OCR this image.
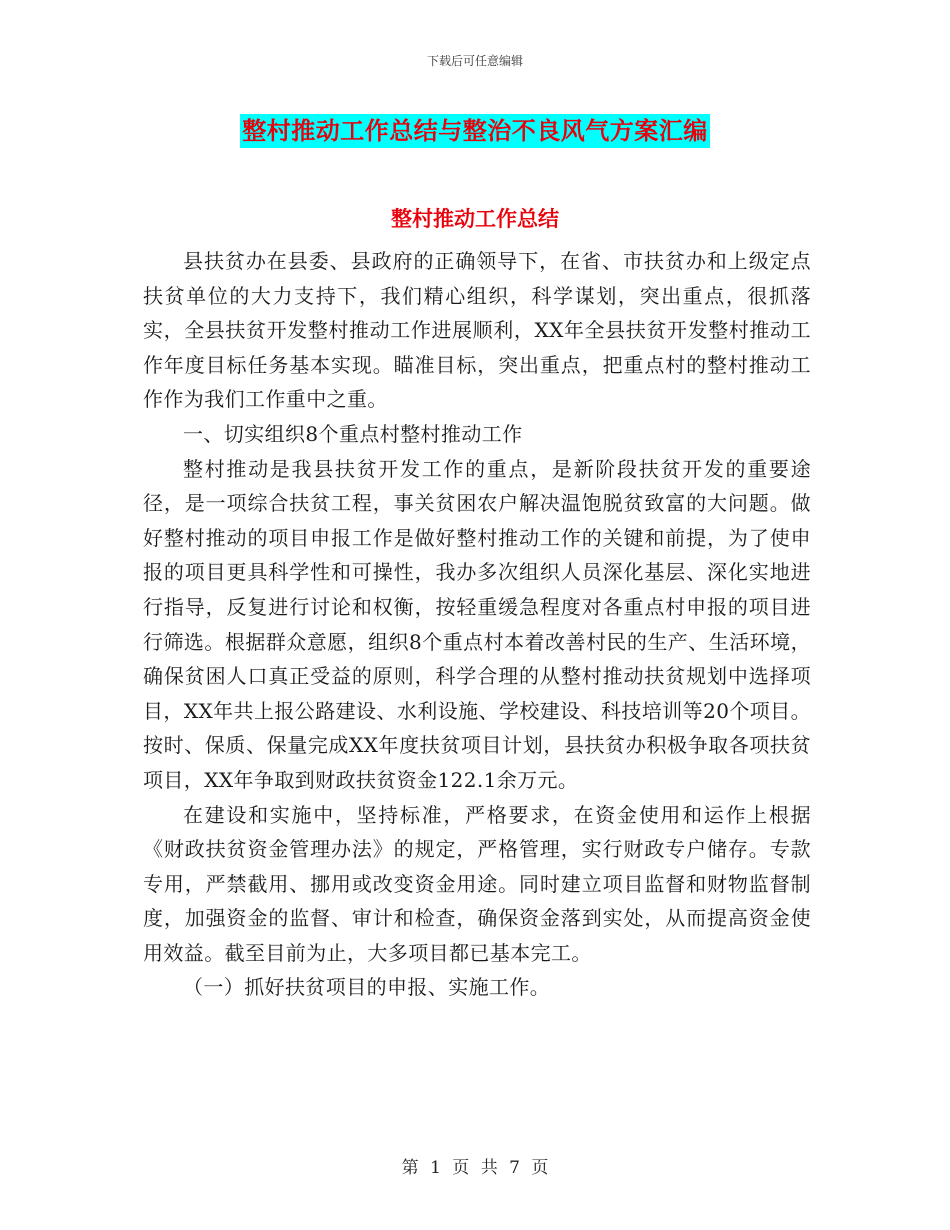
下载后可任意编辑
整村推动工作总结与整治不良风气方案汇编
整村推动工作总结

县扶贫办在县委、县政府的正确领导下，在省、市扶贫办和上级定点扶贫单位的大力支持下，我们精心组织，科学谋划，突出重点，很抓落实，全县扶贫开发整村推动工作进展顺利，XX年全县扶贫开发整村推动工作年度目标任务基本实现。瞄准目标，突出重点，把重点村的整村推动工作作为我们工作重中之重。

一、切实组织8个重点村整村推动工作

整村推动是我县扶贫开发工作的重点，是新阶段扶贫开发的重要途径，是一项综合扶贫工程，事关贫困农户解决温饱脱贫致富的大问题。做好整村推动的项目申报工作是做好整村推动工作的关键和前提，为了使申报的项目更具科学性和可操性，我办多次组织人员深化基层、深化实地进行指导，反复进行讨论和权衡，按轻重缓急程度对各重点村申报的项目进行筛选。根据群众意愿，组织8个重点村本着改善村民的生产、生活环境，确保贫困人口真正受益的原则，科学合理的从整村推动扶贫规划中选择项目，XX年共上报公路建设、水利设施、学校建设、科技培训等20个项目。按时、保质、保量完成XX年度扶贫项目计划，县扶贫办积极争取各项扶贫项目，XX年争取到财政扶贫资金122.1余万元。

在建设和实施中，坚持标准，严格要求，在资金使用和运作上根据《财政扶贫资金管理办法》的规定，严格管理，实行财政专户储存。专款专用，严禁截用、挪用或改变资金用途。同时建立项目监督和财物监督制度，加强资金的监督、审计和检查，确保资金落到实处，从而提高资金使用效益。截至目前为止，大多项目都已基本完工。

（一）抓好扶贫项目的申报、实施工作。

第 1 页 共 7 页
